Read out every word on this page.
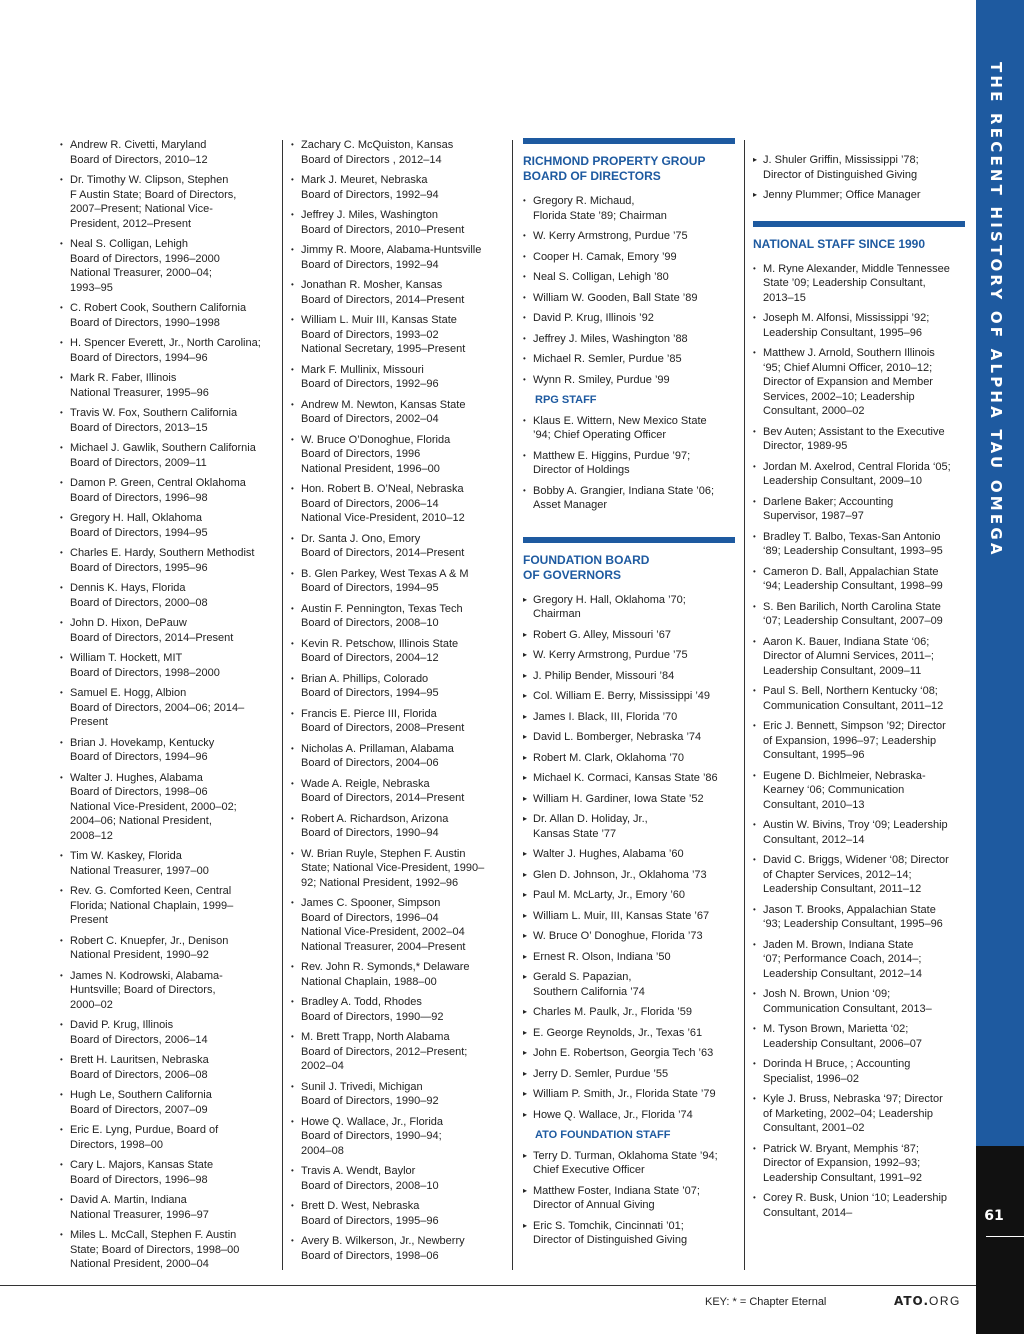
THE RECENT HISTORY OF ALPHA TAU OMEGA
61
• Andrew R. Civetti, Maryland
Board of Directors, 2010–12
• Dr. Timothy W. Clipson, Stephen
F Austin State; Board of Directors,
2007–Present; National Vice-
President, 2012–Present
• Neal S. Colligan, Lehigh
Board of Directors, 1996–2000
National Treasurer, 2000–04;
1993–95
• C. Robert Cook, Southern California
Board of Directors, 1990–1998
• H. Spencer Everett, Jr., North Carolina;
Board of Directors, 1994–96
• Mark R. Faber, Illinois
National Treasurer, 1995–96
• Travis W. Fox, Southern California
Board of Directors, 2013–15
• Michael J. Gawlik, Southern California
Board of Directors, 2009–11
• Damon P. Green, Central Oklahoma
Board of Directors, 1996–98
• Gregory H. Hall, Oklahoma
Board of Directors, 1994–95
• Charles E. Hardy, Southern Methodist
Board of Directors, 1995–96
• Dennis K. Hays, Florida
Board of Directors, 2000–08
• John D. Hixon, DePauw
Board of Directors, 2014–Present
• William T. Hockett, MIT
Board of Directors, 1998–2000
• Samuel E. Hogg, Albion
Board of Directors, 2004–06; 2014–
Present
• Brian J. Hovekamp, Kentucky
Board of Directors, 1994–96
• Walter J. Hughes, Alabama
Board of Directors, 1998–06
National Vice-President, 2000–02;
2004–06; National President,
2008–12
• Tim W. Kaskey, Florida
National Treasurer, 1997–00
• Rev. G. Comforted Keen, Central
Florida; National Chaplain, 1999–
Present
• Robert C. Knuepfer, Jr., Denison
National President, 1990–92
• James N. Kodrowski, Alabama-
Huntsville; Board of Directors,
2000–02
• David P. Krug, Illinois
Board of Directors, 2006–14
• Brett H. Lauritsen, Nebraska
Board of Directors, 2006–08
• Hugh Le, Southern California
Board of Directors, 2007–09
• Eric E. Lyng, Purdue, Board of
Directors, 1998–00
• Cary L. Majors, Kansas State
Board of Directors, 1996–98
• David A. Martin, Indiana
National Treasurer, 1996–97
• Miles L. McCall, Stephen F. Austin
State; Board of Directors, 1998–00
National President, 2000–04
• Zachary C. McQuiston, Kansas
Board of Directors , 2012–14
• Mark J. Meuret, Nebraska
Board of Directors, 1992–94
• Jeffrey J. Miles, Washington
Board of Directors, 2010–Present
• Jimmy R. Moore, Alabama-Huntsville
Board of Directors, 1992–94
• Jonathan R. Mosher, Kansas
Board of Directors, 2014–Present
• William L. Muir III, Kansas State
Board of Directors, 1993–02
National Secretary, 1995–Present
• Mark F. Mullinix, Missouri
Board of Directors, 1992–96
• Andrew M. Newton, Kansas State
Board of Directors, 2002–04
• W. Bruce O’Donoghue, Florida
Board of Directors, 1996
National President, 1996–00
• Hon. Robert B. O’Neal, Nebraska
Board of Directors, 2006–14
National Vice-President, 2010–12
• Dr. Santa J. Ono, Emory
Board of Directors, 2014–Present
• B. Glen Parkey, West Texas A & M
Board of Directors, 1994–95
• Austin F. Pennington, Texas Tech
Board of Directors, 2008–10
• Kevin R. Petschow, Illinois State
Board of Directors, 2004–12
• Brian A. Phillips, Colorado
Board of Directors, 1994–95
• Francis E. Pierce III, Florida
Board of Directors, 2008–Present
• Nicholas A. Prillaman, Alabama
Board of Directors, 2004–06
• Wade A. Reigle, Nebraska
Board of Directors, 2014–Present
• Robert A. Richardson, Arizona
Board of Directors, 1990–94
• W. Brian Ruyle, Stephen F. Austin
State; National Vice-President, 1990–
92; National President, 1992–96
• James C. Spooner, Simpson
Board of Directors, 1996–04
National Vice-President, 2002–04
National Treasurer, 2004–Present
• Rev. John R. Symonds,* Delaware
National Chaplain, 1988–00
• Bradley A. Todd, Rhodes
Board of Directors, 1990—92
• M. Brett Trapp, North Alabama
Board of Directors, 2012–Present;
2002–04
• Sunil J. Trivedi, Michigan
Board of Directors, 1990–92
• Howe Q. Wallace, Jr., Florida
Board of Directors, 1990–94;
2004–08
• Travis A. Wendt, Baylor
Board of Directors, 2008–10
• Brett D. West, Nebraska
Board of Directors, 1995–96
• Avery B. Wilkerson, Jr., Newberry
Board of Directors, 1998–06
RICHMOND PROPERTY GROUP
BOARD OF DIRECTORS
• Gregory R. Michaud,
Florida State ’89; Chairman
• W. Kerry Armstrong, Purdue ’75
• Cooper H. Camak, Emory ’99
• Neal S. Colligan, Lehigh ’80
• William W. Gooden, Ball State ’89
• David P. Krug, Illinois ’92
• Jeffrey J. Miles, Washington ’88
• Michael R. Semler, Purdue ’85
• Wynn R. Smiley, Purdue ’99
RPG STAFF
• Klaus E. Wittern, New Mexico State
’94; Chief Operating Officer
• Matthew E. Higgins, Purdue ’97;
Director of Holdings
• Bobby A. Grangier, Indiana State ’06;
Asset Manager
FOUNDATION BOARD
OF GOVERNORS
▸ Gregory H. Hall, Oklahoma ’70;
Chairman
▸ Robert G. Alley, Missouri ’67
▸ W. Kerry Armstrong, Purdue ’75
▸ J. Philip Bender, Missouri ’84
▸ Col. William E. Berry, Mississippi ’49
▸ James I. Black, III, Florida ’70
▸ David L. Bomberger, Nebraska ’74
▸ Robert M. Clark, Oklahoma ’70
▸ Michael K. Cormaci, Kansas State ’86
▸ William H. Gardiner, Iowa State ’52
▸ Dr. Allan D. Holiday, Jr.,
Kansas State ’77
▸ Walter J. Hughes, Alabama ’60
▸ Glen D. Johnson, Jr., Oklahoma ’73
▸ Paul M. McLarty, Jr., Emory ’60
▸ William L. Muir, III, Kansas State ’67
▸ W. Bruce O’ Donoghue, Florida ’73
▸ Ernest R. Olson, Indiana ’50
▸ Gerald S. Papazian,
Southern California ’74
▸ Charles M. Paulk, Jr., Florida ’59
▸ E. George Reynolds, Jr., Texas ’61
▸ John E. Robertson, Georgia Tech ’63
▸ Jerry D. Semler, Purdue ’55
▸ William P. Smith, Jr., Florida State ’79
▸ Howe Q. Wallace, Jr., Florida ’74
ATO FOUNDATION STAFF
▸ Terry D. Turman, Oklahoma State ’94;
Chief Executive Officer
▸ Matthew Foster, Indiana State ’07;
Director of Annual Giving
▸ Eric S. Tomchik, Cincinnati ’01;
Director of Distinguished Giving
▸ J. Shuler Griffin, Mississippi ’78;
Director of Distinguished Giving
▸ Jenny Plummer; Office Manager
NATIONAL STAFF SINCE 1990
• M. Ryne Alexander, Middle Tennessee
State ’09; Leadership Consultant,
2013–15
• Joseph M. Alfonsi, Mississippi ’92;
Leadership Consultant, 1995–96
• Matthew J. Arnold, Southern Illinois
‘95; Chief Alumni Officer, 2010–12;
Director of Expansion and Member
Services, 2002–10; Leadership
Consultant, 2000–02
• Bev Auten; Assistant to the Executive
Director, 1989-95
• Jordan M. Axelrod, Central Florida ‘05;
Leadership Consultant, 2009–10
• Darlene Baker; Accounting
Supervisor, 1987–97
• Bradley T. Balbo, Texas-San Antonio
‘89; Leadership Consultant, 1993–95
• Cameron D. Ball, Appalachian State
‘94; Leadership Consultant, 1998–99
• S. Ben Barilich, North Carolina State
‘07; Leadership Consultant, 2007–09
• Aaron K. Bauer, Indiana State ‘06;
Director of Alumni Services, 2011–;
Leadership Consultant, 2009–11
• Paul S. Bell, Northern Kentucky ‘08;
Communication Consultant, 2011–12
• Eric J. Bennett, Simpson ’92; Director
of Expansion, 1996–97; Leadership
Consultant, 1995–96
• Eugene D. Bichlmeier, Nebraska-
Kearney ‘06; Communication
Consultant, 2010–13
• Austin W. Bivins, Troy ‘09; Leadership
Consultant, 2012–14
• David C. Briggs, Widener ‘08; Director
of Chapter Services, 2012–14;
Leadership Consultant, 2011–12
• Jason T. Brooks, Appalachian State
‘93; Leadership Consultant, 1995–96
• Jaden M. Brown, Indiana State
‘07; Performance Coach, 2014–;
Leadership Consultant, 2012–14
• Josh N. Brown, Union ‘09;
Communication Consultant, 2013–
• M. Tyson Brown, Marietta ‘02;
Leadership Consultant, 2006–07
• Dorinda H Bruce, ; Accounting
Specialist, 1996–02
• Kyle J. Bruss, Nebraska ‘97; Director
of Marketing, 2002–04; Leadership
Consultant, 2001–02
• Patrick W. Bryant, Memphis ‘87;
Director of Expansion, 1992–93;
Leadership Consultant, 1991–92
• Corey R. Busk, Union ‘10; Leadership
Consultant, 2014–
KEY: * = Chapter Eternal	ATO.ORG
